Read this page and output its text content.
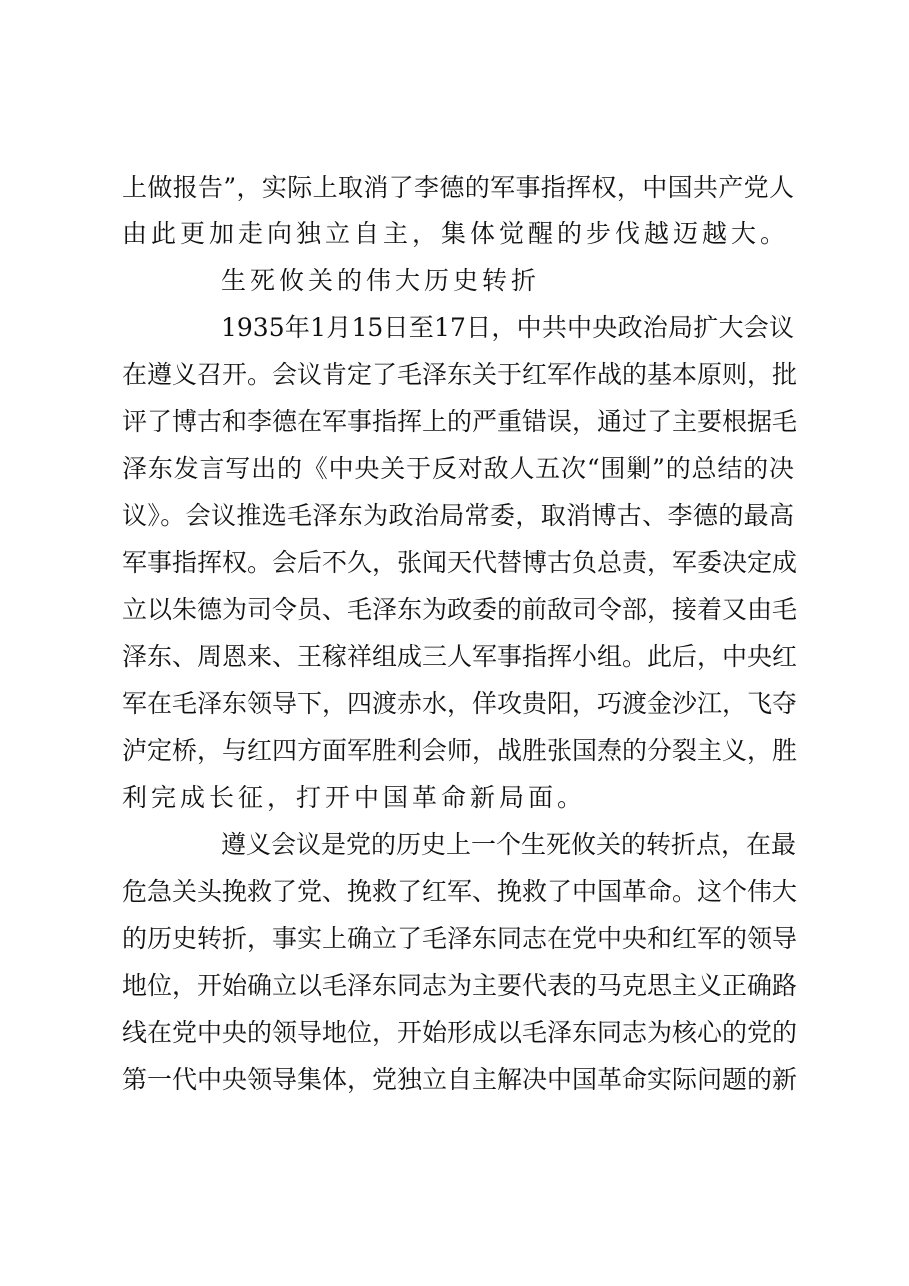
上做报告”，实际上取消了李德的军事指挥权，中国共产党人
由此更加走向独立自主，集体觉醒的步伐越迈越大。
生死攸关的伟大历史转折
1935年1月15日至17日，中共中央政治局扩大会议
在遵义召开。会议肯定了毛泽东关于红军作战的基本原则，批
评了博古和李德在军事指挥上的严重错误，通过了主要根据毛
泽东发言写出的《中央关于反对敌人五次“围剿”的总结的决
议》。会议推选毛泽东为政治局常委，取消博古、李德的最高
军事指挥权。会后不久，张闻天代替博古负总责，军委决定成
立以朱德为司令员、毛泽东为政委的前敌司令部，接着又由毛
泽东、周恩来、王稼祥组成三人军事指挥小组。此后，中央红
军在毛泽东领导下，四渡赤水，佯攻贵阳，巧渡金沙江，飞夺
泸定桥，与红四方面军胜利会师，战胜张国焘的分裂主义，胜
利完成长征，打开中国革命新局面。
遵义会议是党的历史上一个生死攸关的转折点，在最
危急关头挽救了党、挽救了红军、挽救了中国革命。这个伟大
的历史转折，事实上确立了毛泽东同志在党中央和红军的领导
地位，开始确立以毛泽东同志为主要代表的马克思主义正确路
线在党中央的领导地位，开始形成以毛泽东同志为核心的党的
第一代中央领导集体，党独立自主解决中国革命实际问题的新
